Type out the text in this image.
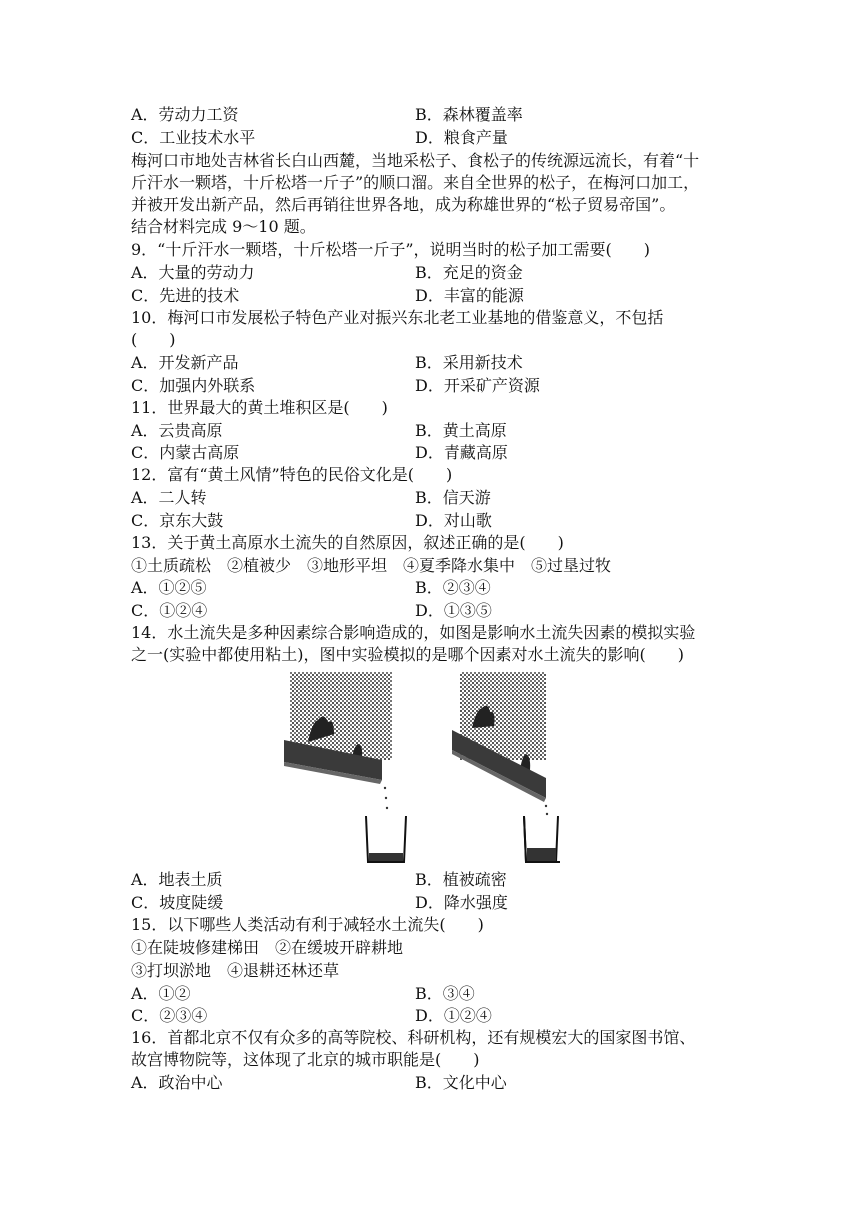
A．劳动力工资	B．森林覆盖率
C．工业技术水平	D．粮食产量
梅河口市地处吉林省长白山西麓，当地采松子、食松子的传统源远流长，有着“十
斤汗水一颗塔，十斤松塔一斤子”的顺口溜。来自全世界的松子，在梅河口加工，
并被开发出新产品，然后再销往世界各地，成为称雄世界的“松子贸易帝国”。
结合材料完成 9～10 题。
9．“十斤汗水一颗塔，十斤松塔一斤子”，说明当时的松子加工需要(　　)
A．大量的劳动力	B．充足的资金
C．先进的技术	D．丰富的能源
10．梅河口市发展松子特色产业对振兴东北老工业基地的借鉴意义，不包括
(　　)
A．开发新产品	B．采用新技术
C．加强内外联系	D．开采矿产资源
11．世界最大的黄土堆积区是(　　)
A．云贵高原	B．黄土高原
C．内蒙古高原	D．青藏高原
12．富有“黄土风情”特色的民俗文化是(　　)
A．二人转	B．信天游
C．京东大鼓	D．对山歌
13．关于黄土高原水土流失的自然原因，叙述正确的是(　　)
①土质疏松　②植被少　③地形平坦　④夏季降水集中　⑤过垦过牧
A．①②⑤	B．②③④
C．①②④	D．①③⑤
14．水土流失是多种因素综合影响造成的，如图是影响水土流失因素的模拟实验
之一(实验中都使用粘土)，图中实验模拟的是哪个因素对水土流失的影响(　　)
A．地表土质	B．植被疏密
C．坡度陡缓	D．降水强度
15．以下哪些人类活动有利于减轻水土流失(　　)
①在陡坡修建梯田　②在缓坡开辟耕地
③打坝淤地　④退耕还林还草
A．①②	B．③④
C．②③④	D．①②④
16．首都北京不仅有众多的高等院校、科研机构，还有规模宏大的国家图书馆、
故宫博物院等，这体现了北京的城市职能是(　　)
A．政治中心	B．文化中心
